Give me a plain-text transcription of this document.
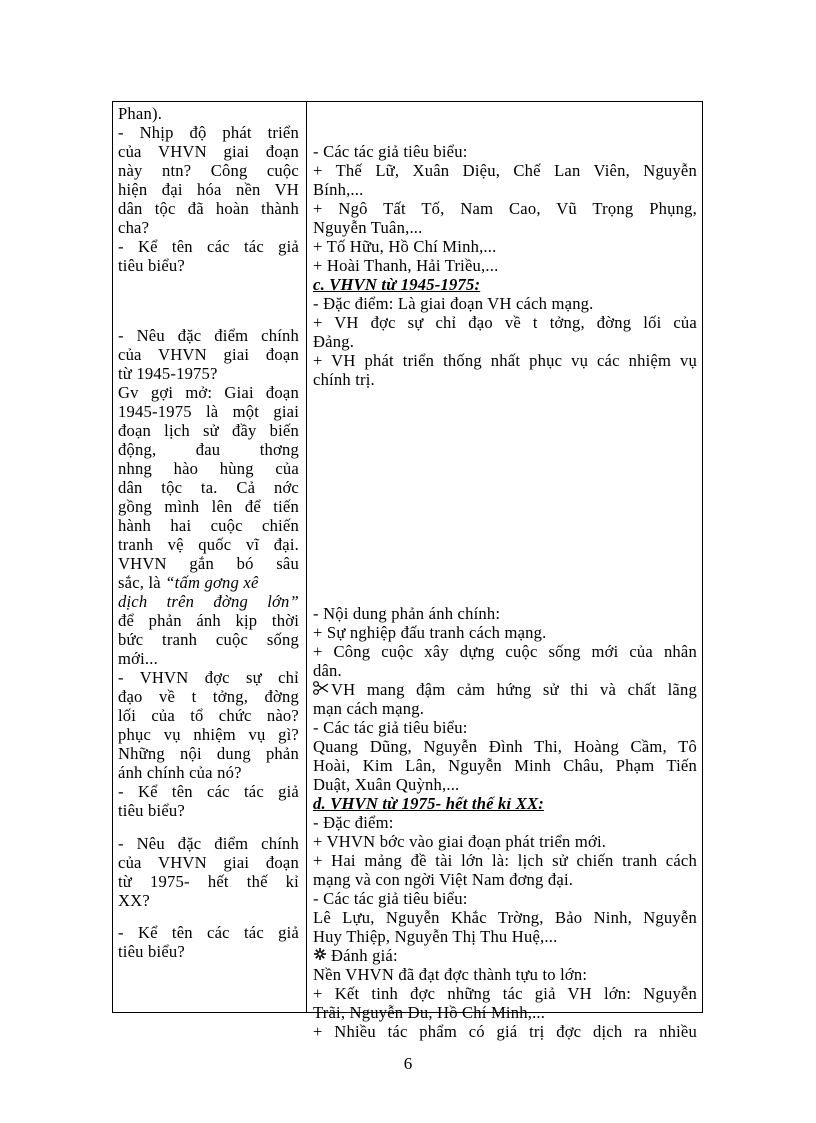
Phan).
- Nhịp độ phát triển
của VHVN giai đoạn
này ntn? Công cuộc
hiện đại hóa nền VH
dân tộc đã hoàn thành
cha?
- Kể tên các tác giả
tiêu biểu?
- Nêu đặc điểm chính
của VHVN giai đoạn
từ 1945-1975?
Gv gợi mở: Giai đoạn
1945-1975 là một giai
đoạn lịch sử đầy biến
động, đau thơng
nhng hào hùng của
dân tộc ta. Cả nớc
gồng mình lên để tiến
hành hai cuộc chiến
tranh vệ quốc vĩ đại.
VHVN gắn bó sâu
sắc, là “tấm gơng xê
dịch trên đờng lớn”
để phản ánh kịp thời
bức tranh cuộc sống
mới...
- VHVN đợc sự chỉ
đạo về t tởng, đờng
lối của tổ chức nào?
phục vụ nhiệm vụ gì?
Những nội dung phản
ánh chính của nó?
- Kể tên các tác giả
tiêu biểu?
- Nêu đặc điểm chính
của VHVN giai đoạn
từ 1975- hết thế kỉ
XX?
- Kể tên các tác giả
tiêu biểu?
- Các tác giả tiêu biểu:
+ Thế Lữ, Xuân Diệu, Chế Lan Viên, Nguyễn
Bính,...
+ Ngô Tất Tố, Nam Cao, Vũ Trọng Phụng,
Nguyễn Tuân,...
+ Tố Hữu, Hồ Chí Minh,...
+ Hoài Thanh, Hải Triều,...
c. VHVN từ 1945-1975:
- Đặc điểm: Là giai đoạn VH cách mạng.
+ VH đợc sự chỉ đạo về t tởng, đờng lối của
Đảng.
+ VH phát triển thống nhất phục vụ các nhiệm vụ
chính trị.
- Nội dung phản ánh chính:
+ Sự nghiệp đấu tranh cách mạng.
+ Công cuộc xây dựng cuộc sống mới của nhân
dân.
VH mang đậm cảm hứng sử thi và chất lãng
mạn cách mạng.
- Các tác giả tiêu biểu:
Quang Dũng, Nguyễn Đình Thi, Hoàng Cầm, Tô
Hoài, Kim Lân, Nguyễn Minh Châu, Phạm Tiến
Duật, Xuân Quỳnh,...
d. VHVN từ 1975- hết thế kỉ XX:
- Đặc điểm:
+ VHVN bớc vào giai đoạn phát triển mới.
+ Hai mảng đề tài lớn là: lịch sử chiến tranh cách
mạng và con ngời Việt Nam đơng đại.
- Các tác giả tiêu biểu:
Lê Lựu, Nguyễn Khắc Trờng, Bảo Ninh, Nguyễn
Huy Thiệp, Nguyễn Thị Thu Huệ,...
Đánh giá:
Nền VHVN đã đạt đợc thành tựu to lớn:
+ Kết tinh đợc những tác giả VH lớn: Nguyễn
Trãi, Nguyễn Du, Hồ Chí Minh,...
+ Nhiều tác phẩm có giá trị đợc dịch ra nhiều
6
